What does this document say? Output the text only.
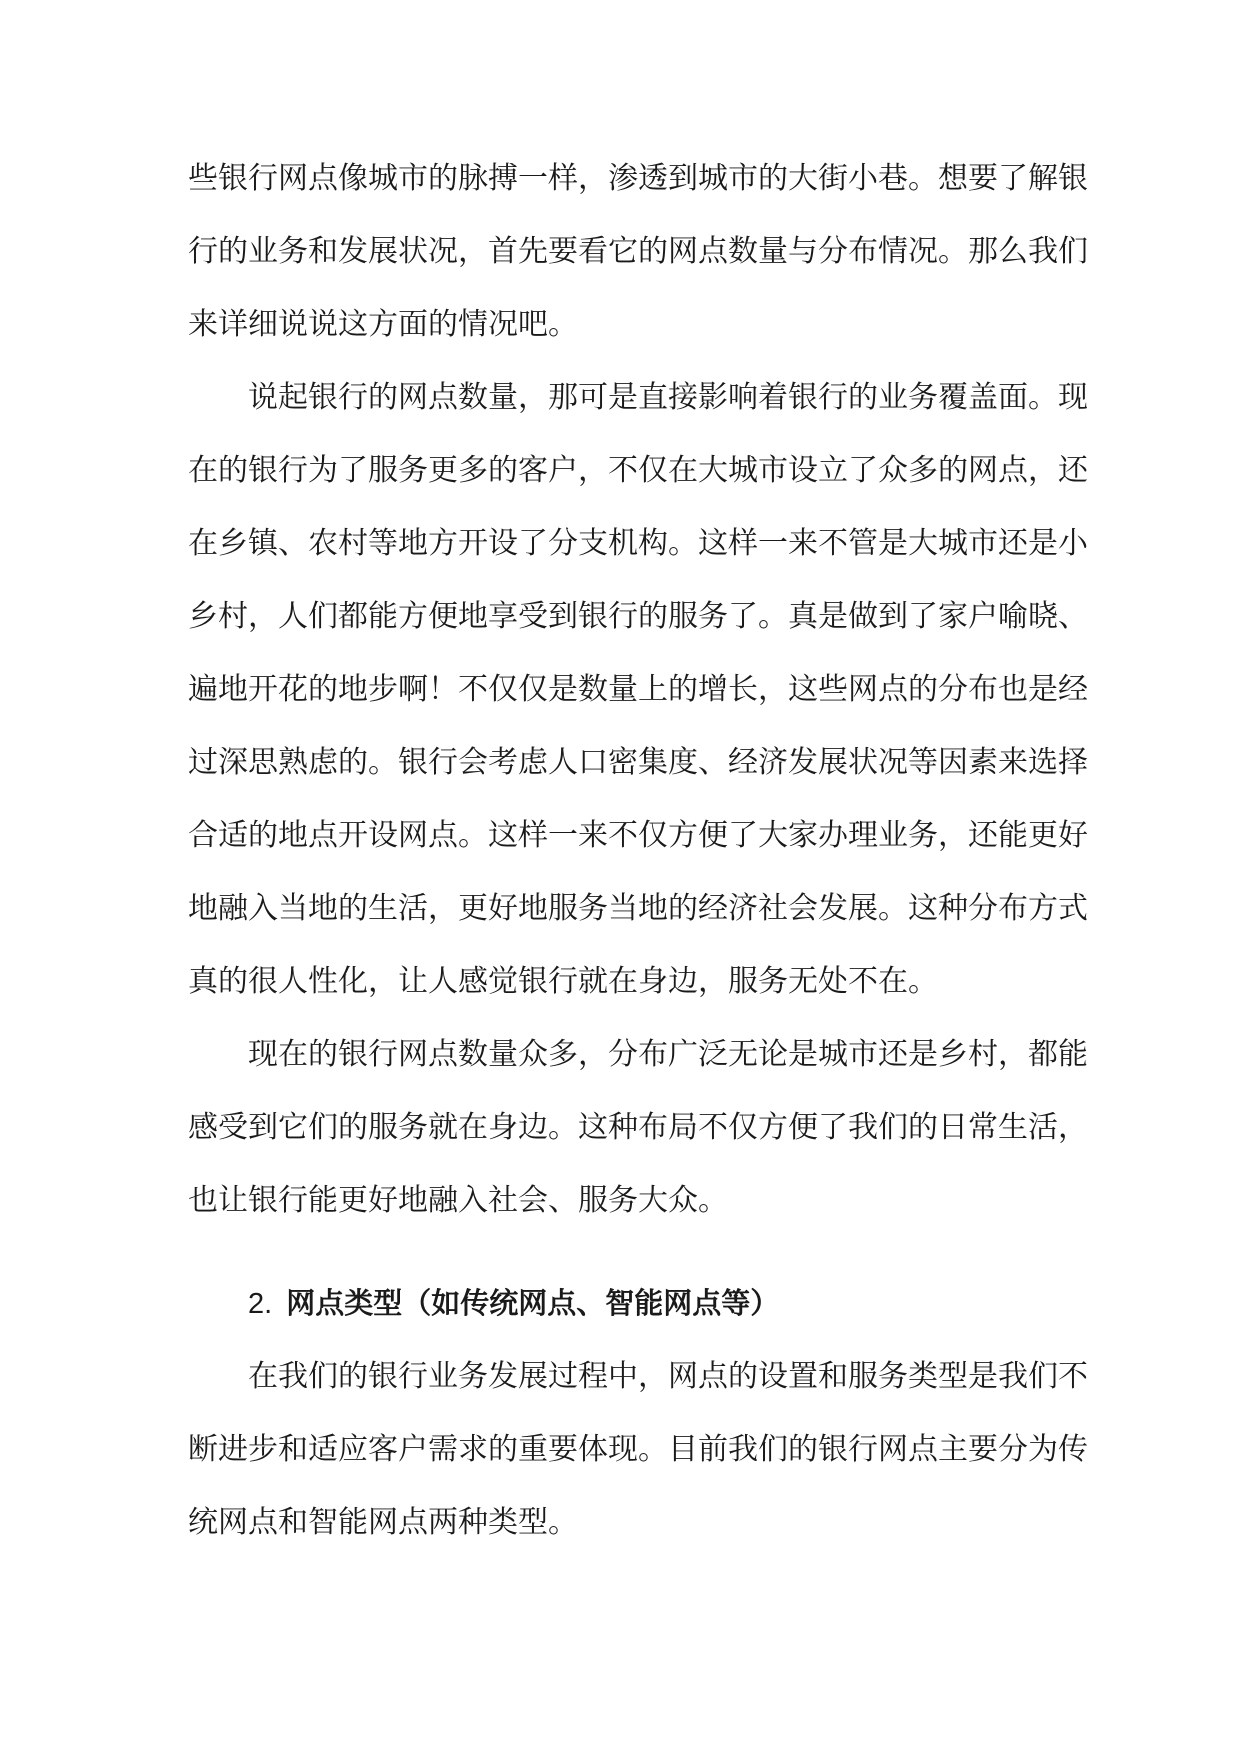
些银行网点像城市的脉搏一样，渗透到城市的大街小巷。想要了解银
行的业务和发展状况，首先要看它的网点数量与分布情况。那么我们
来详细说说这方面的情况吧。
说起银行的网点数量，那可是直接影响着银行的业务覆盖面。现
在的银行为了服务更多的客户，不仅在大城市设立了众多的网点，还
在乡镇、农村等地方开设了分支机构。这样一来不管是大城市还是小
乡村，人们都能方便地享受到银行的服务了。真是做到了家户喻晓、
遍地开花的地步啊！不仅仅是数量上的增长，这些网点的分布也是经
过深思熟虑的。银行会考虑人口密集度、经济发展状况等因素来选择
合适的地点开设网点。这样一来不仅方便了大家办理业务，还能更好
地融入当地的生活，更好地服务当地的经济社会发展。这种分布方式
真的很人性化，让人感觉银行就在身边，服务无处不在。
现在的银行网点数量众多，分布广泛无论是城市还是乡村，都能
感受到它们的服务就在身边。这种布局不仅方便了我们的日常生活，
也让银行能更好地融入社会、服务大众。
2. 网点类型（如传统网点、智能网点等）
在我们的银行业务发展过程中，网点的设置和服务类型是我们不
断进步和适应客户需求的重要体现。目前我们的银行网点主要分为传
统网点和智能网点两种类型。
